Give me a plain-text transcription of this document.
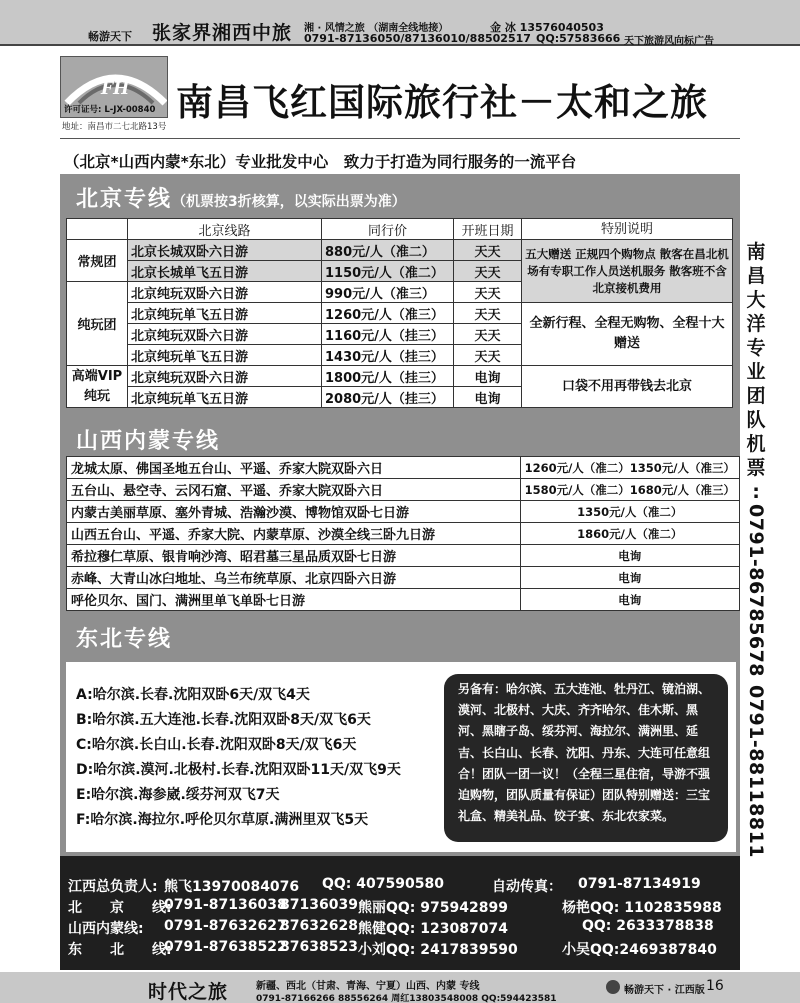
畅游天下 张家界湘西中旅 湘 · 风情之旅 （湖南全线地接）
0791-87136050/87136010/88502517
金 冰 13576040503
QQ:57583666 天下旅游风向标广告
FH
许可证号: L-JX-00840
地址：南昌市二七北路13号
南昌飞红国际旅行社－太和之旅
（北京*山西内蒙*东北）专业批发中心　致力于打造为同行服务的一流平台
北京专线（机票按3折核算，以实际出票为准）
	北京线路	同行价	开班日期	特别说明
常规团	北京长城双卧六日游	880元/人（准二）	天天	五大赠送 正规四个购物点 散客在昌北机场有专职工作人员送机服务 散客班不含北京接机费用
	北京长城单飞五日游	1150元/人（准二）	天天	
纯玩团	北京纯玩双卧六日游	990元/人（准三）	天天	
	北京纯玩单飞五日游	1260元/人（准三）	天天	全新行程、全程无购物、全程十大赠送
	北京纯玩双卧六日游	1160元/人（挂三）	天天	
	北京纯玩单飞五日游	1430元/人（挂三）	天天	
高端VIP纯玩	北京纯玩双卧六日游	1800元/人（挂三）	电询	口袋不用再带钱去北京
	北京纯玩单飞五日游	2080元/人（挂三）	电询	
山西内蒙专线
龙城太原、佛国圣地五台山、平遥、乔家大院双卧六日	1260元/人（准二）1350元/人（准三）
五台山、悬空寺、云冈石窟、平遥、乔家大院双卧六日	1580元/人（准二）1680元/人（准三）
内蒙古美丽草原、塞外青城、浩瀚沙漠、博物馆双卧七日游	1350元/人（准二）
山西五台山、平遥、乔家大院、内蒙草原、沙漠全线三卧九日游	1860元/人（准二）
希拉穆仁草原、银肯响沙湾、昭君墓三星品质双卧七日游	电询
赤峰、大青山冰臼地址、乌兰布统草原、北京四卧六日游	电询
呼伦贝尔、国门、满洲里单飞单卧七日游	电询
东北专线
A:哈尔滨.长春.沈阳双卧6天/双飞4天
B:哈尔滨.五大连池.长春.沈阳双卧8天/双飞6天
C:哈尔滨.长白山.长春.沈阳双卧8天/双飞6天
D:哈尔滨.漠河.北极村.长春.沈阳双卧11天/双飞9天
E:哈尔滨.海参崴.绥芬河双飞7天
F:哈尔滨.海拉尔.呼伦贝尔草原.满洲里双飞5天
另备有：哈尔滨、五大连池、牡丹江、镜泊湖、漠河、北极村、大庆、齐齐哈尔、佳木斯、黑河、黑瞎子岛、绥芬河、海拉尔、满洲里、延吉、长白山、长春、沈阳、丹东、大连可任意组合！团队一团一议！（全程三星住宿，导游不强迫购物，团队质量有保证）团队特别赠送：三宝礼盒、精美礼品、饺子宴、东北农家菜。
南
昌
大
洋
专
业
团
队
机
票
:
0791-86785678
0791-88118811
江西总负责人: 熊飞13970084076 QQ: 407590580	自动传真： 0791-87134919
北　　京　　线:
0791-87136038
87136039 熊丽QQ: 975942899	杨艳QQ: 1102835988
山西内蒙线: 0791-87632627
87632628 熊健QQ: 123087074	QQ: 2633378838
东　　北　　线:
0791-87638522
87638523 小刘QQ: 2417839590	小吴QQ:2469387840
时代之旅	新疆、西北（甘肃、青海、宁夏）山西、内蒙 专线
0791-87166266 88556264 周红13803548008 QQ:594423581
畅游天下 · 江西版 16
